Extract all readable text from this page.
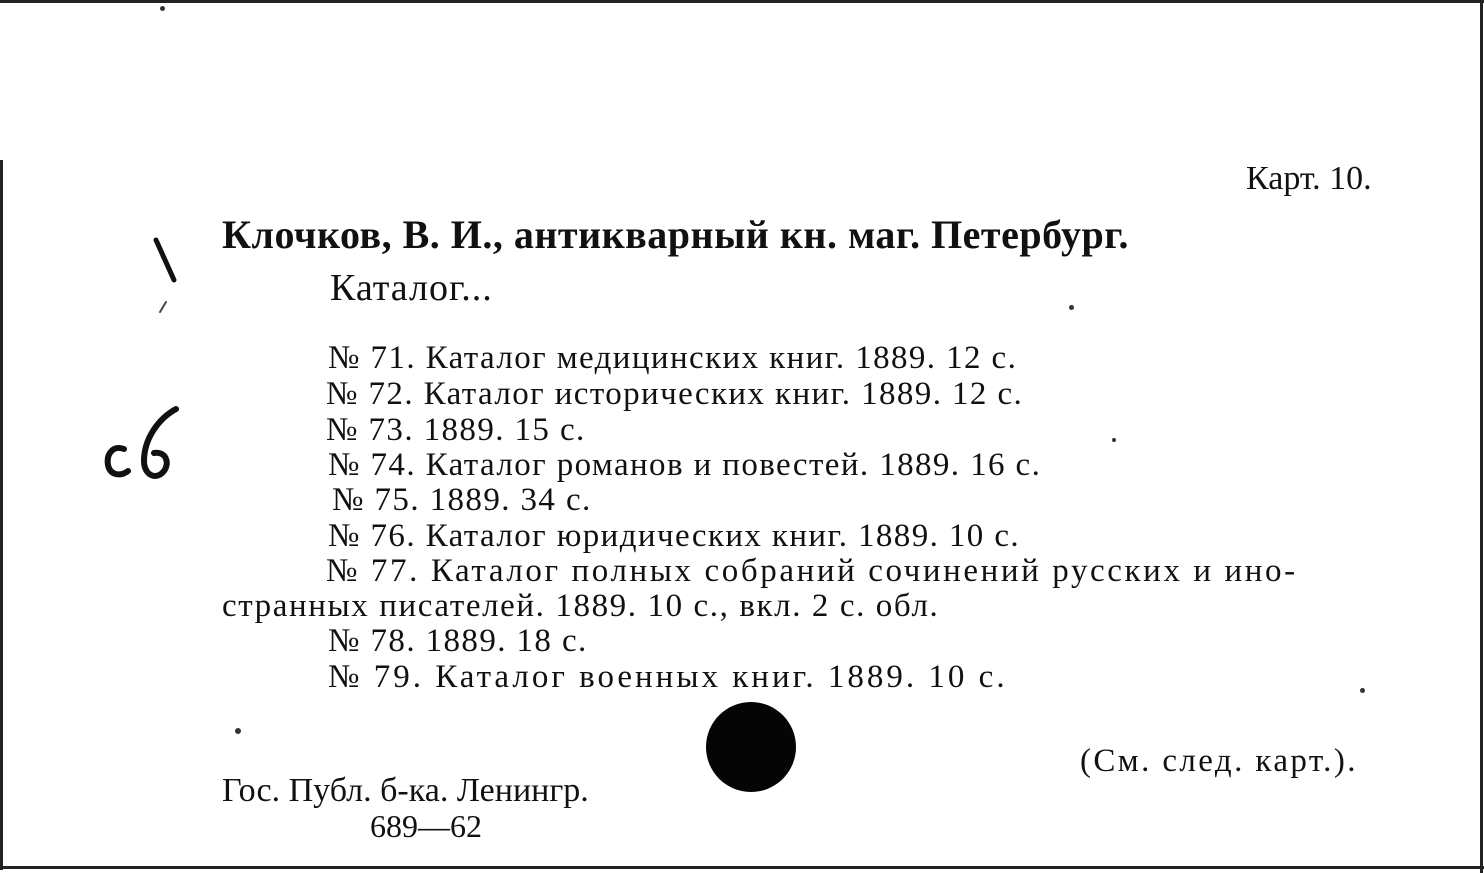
Карт. 10.
Клочков, В. И., антикварный кн. маг. Петербург.
Каталог...
№ 71. Каталог медицинских книг. 1889. 12 с.
№ 72. Каталог исторических книг. 1889. 12 с.
№ 73. 1889. 15 с.
№ 74. Каталог романов и повестей. 1889. 16 с.
№ 75. 1889. 34 с.
№ 76. Каталог юридических книг. 1889. 10 с.
№ 77. Каталог полных собраний сочинений русских и ино-
странных писателей. 1889. 10 с., вкл. 2 с. обл.
№ 78. 1889. 18 с.
№ 79. Каталог военных книг. 1889. 10 с.
(См. след. карт.).
Гос. Публ. б-ка. Ленингр.
689—62
